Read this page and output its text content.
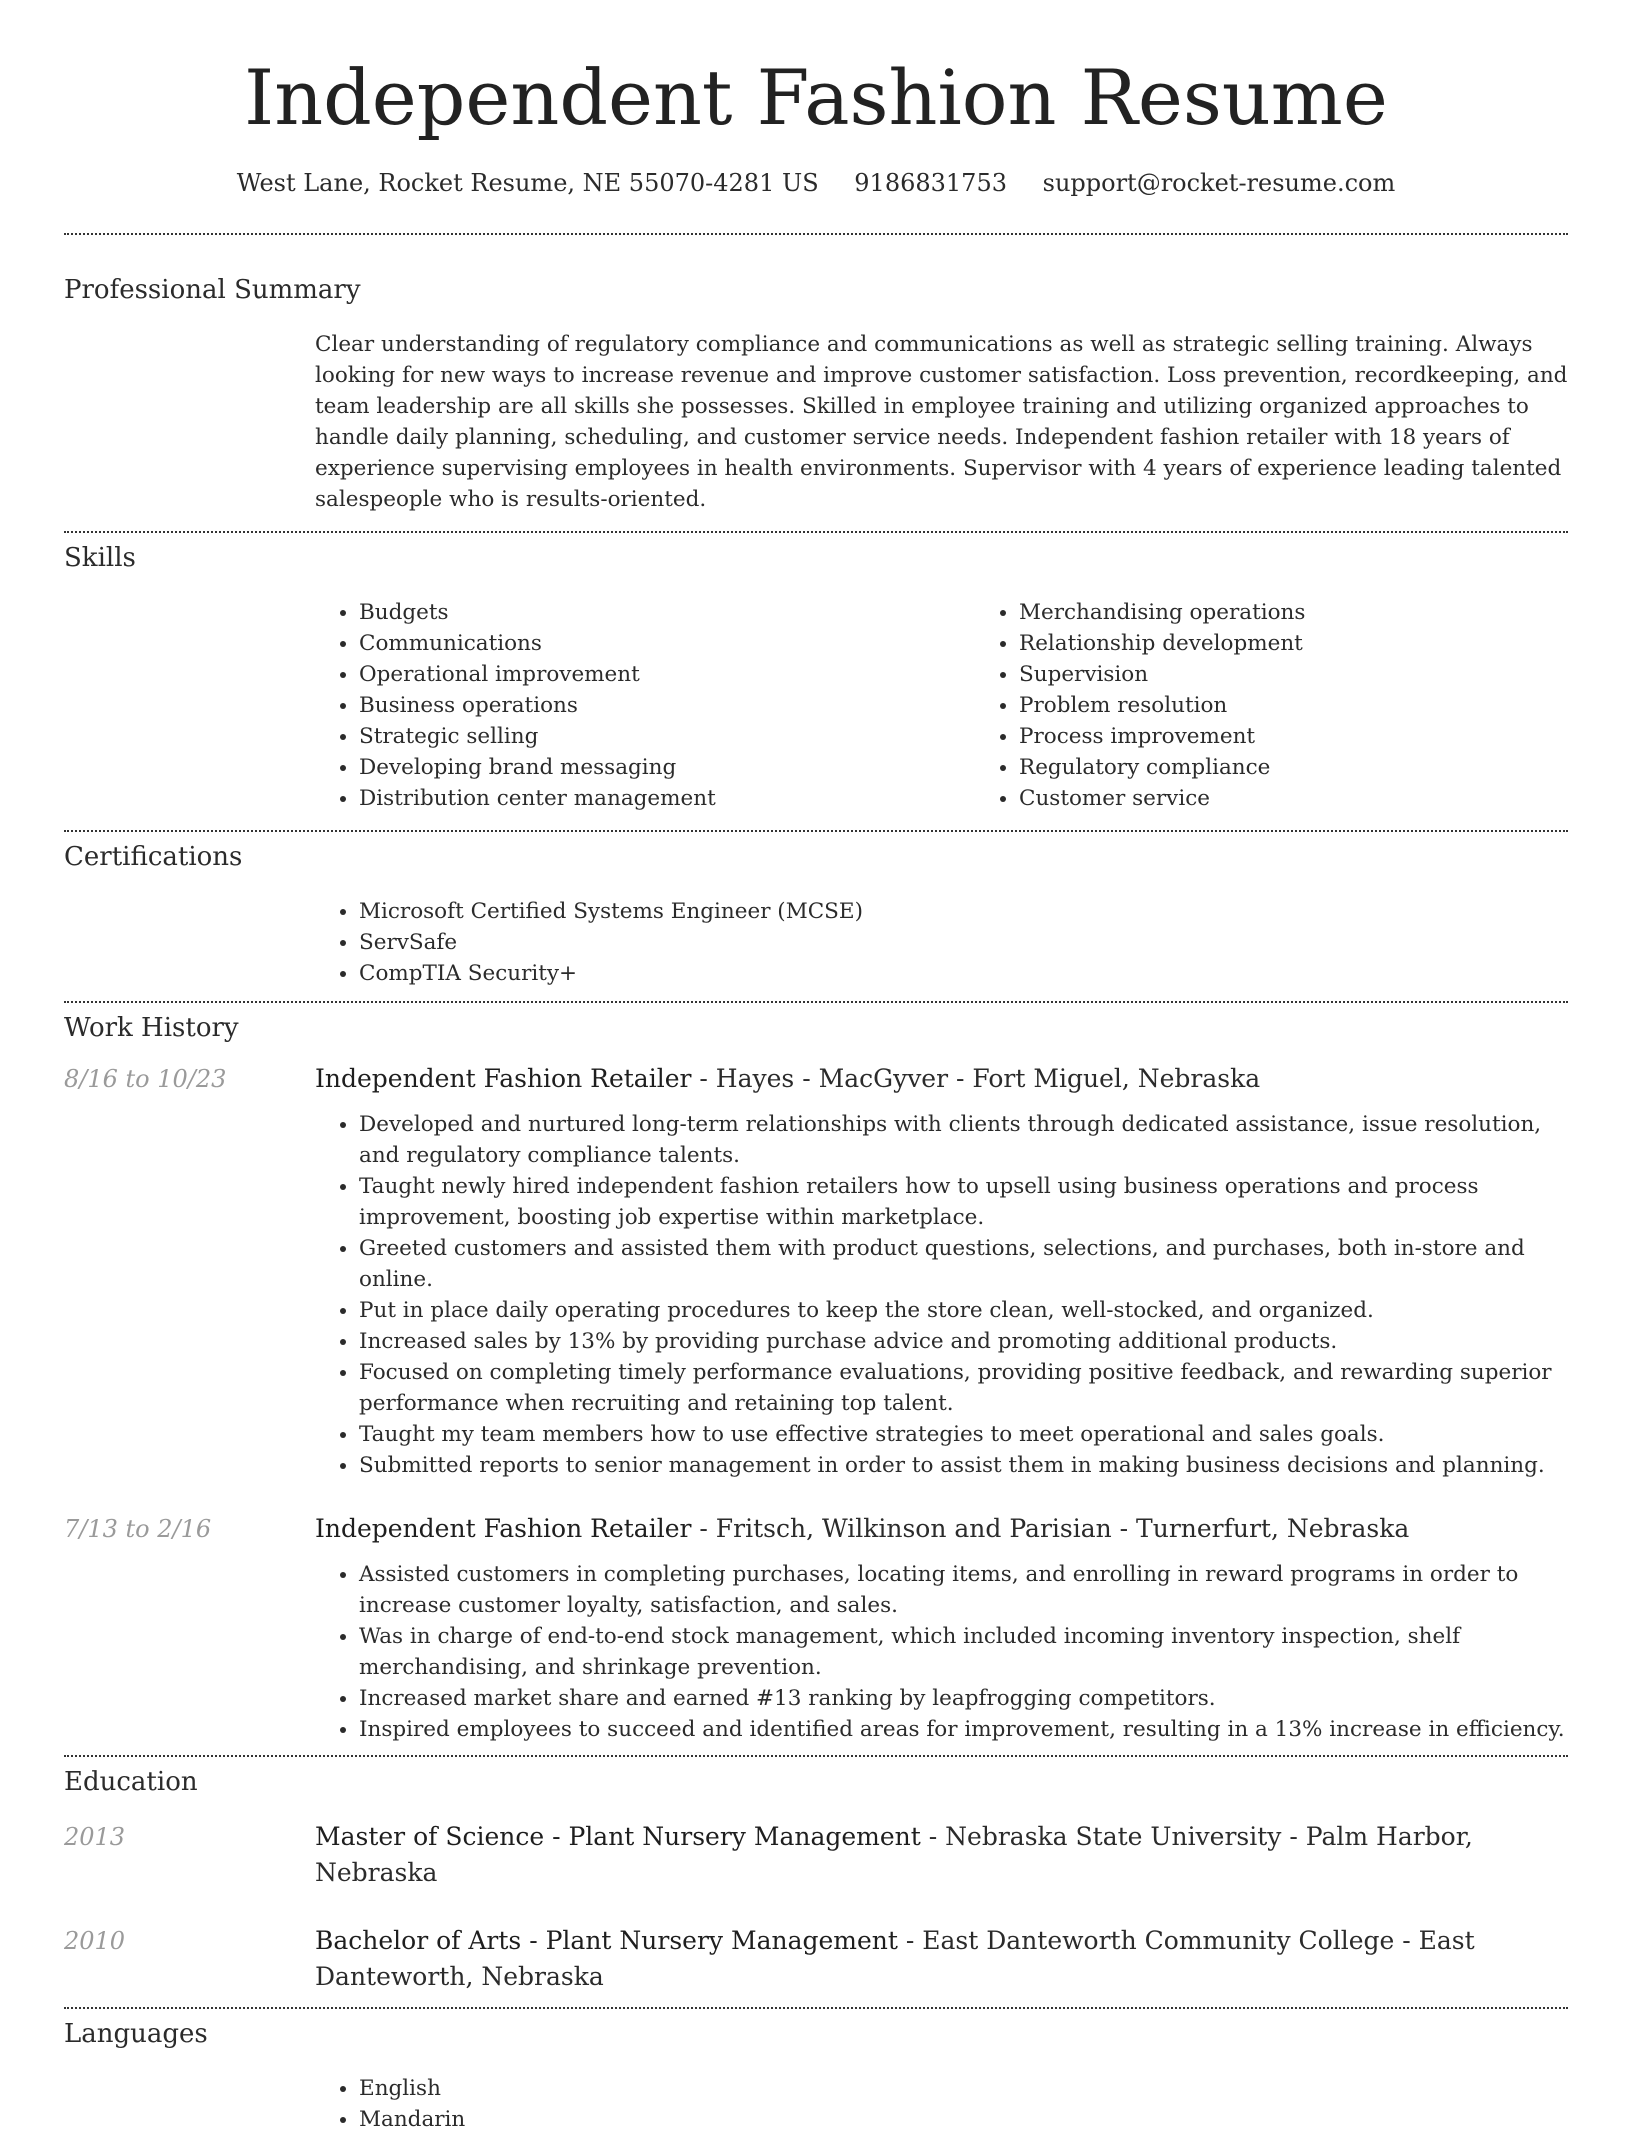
Independent Fashion Resume
West Lane, Rocket Resume, NE 55070-4281 US 9186831753 support@rocket-resume.com
Professional Summary
Clear understanding of regulatory compliance and communications as well as strategic selling training. Always looking for new ways to increase revenue and improve customer satisfaction. Loss prevention, recordkeeping, and team leadership are all skills she possesses. Skilled in employee training and utilizing organized approaches to handle daily planning, scheduling, and customer service needs. Independent fashion retailer with 18 years of experience supervising employees in health environments. Supervisor with 4 years of experience leading talented salespeople who is results-oriented.
Skills
• Budgets
• Communications
• Operational improvement
• Business operations
• Strategic selling
• Developing brand messaging
• Distribution center management
• Merchandising operations
• Relationship development
• Supervision
• Problem resolution
• Process improvement
• Regulatory compliance
• Customer service
Certifications
• Microsoft Certified Systems Engineer (MCSE)
• ServSafe
• CompTIA Security+
Work History
8/16 to 10/23	Independent Fashion Retailer - Hayes - MacGyver - Fort Miguel, Nebraska
• Developed and nurtured long-term relationships with clients through dedicated assistance, issue resolution, and regulatory compliance talents.
• Taught newly hired independent fashion retailers how to upsell using business operations and process improvement, boosting job expertise within marketplace.
• Greeted customers and assisted them with product questions, selections, and purchases, both in-store and online.
• Put in place daily operating procedures to keep the store clean, well-stocked, and organized.
• Increased sales by 13% by providing purchase advice and promoting additional products.
• Focused on completing timely performance evaluations, providing positive feedback, and rewarding superior performance when recruiting and retaining top talent.
• Taught my team members how to use effective strategies to meet operational and sales goals.
• Submitted reports to senior management in order to assist them in making business decisions and planning.
7/13 to 2/16	Independent Fashion Retailer - Fritsch, Wilkinson and Parisian - Turnerfurt, Nebraska
• Assisted customers in completing purchases, locating items, and enrolling in reward programs in order to increase customer loyalty, satisfaction, and sales.
• Was in charge of end-to-end stock management, which included incoming inventory inspection, shelf merchandising, and shrinkage prevention.
• Increased market share and earned #13 ranking by leapfrogging competitors.
• Inspired employees to succeed and identified areas for improvement, resulting in a 13% increase in efficiency.
Education
2013	Master of Science - Plant Nursery Management - Nebraska State University - Palm Harbor, Nebraska
2010	Bachelor of Arts - Plant Nursery Management - East Danteworth Community College - East Danteworth, Nebraska
Languages
• English
• Mandarin
